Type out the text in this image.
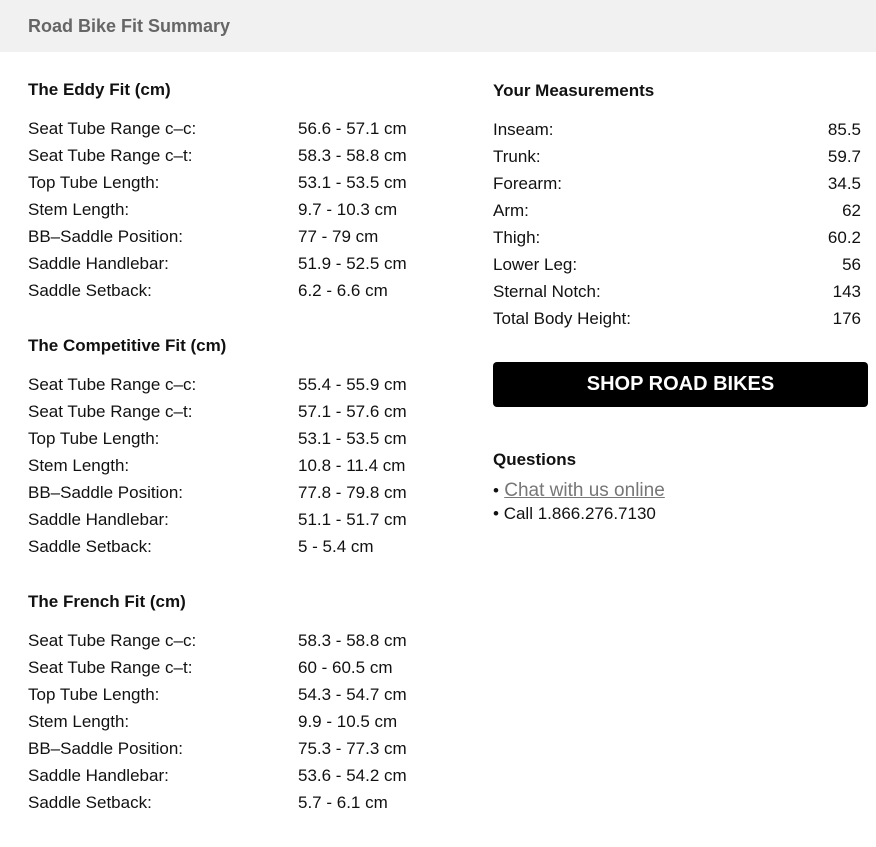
Road Bike Fit Summary
The Eddy Fit (cm)
Seat Tube Range c–c:	56.6 - 57.1 cm
Seat Tube Range c–t:	58.3 - 58.8 cm
Top Tube Length:	53.1 - 53.5 cm
Stem Length:	9.7 - 10.3 cm
BB–Saddle Position:	77 - 79 cm
Saddle Handlebar:	51.9 - 52.5 cm
Saddle Setback:	6.2 - 6.6 cm
The Competitive Fit (cm)
Seat Tube Range c–c:	55.4 - 55.9 cm
Seat Tube Range c–t:	57.1 - 57.6 cm
Top Tube Length:	53.1 - 53.5 cm
Stem Length:	10.8 - 11.4 cm
BB–Saddle Position:	77.8 - 79.8 cm
Saddle Handlebar:	51.1 - 51.7 cm
Saddle Setback:	5 - 5.4 cm
The French Fit (cm)
Seat Tube Range c–c:	58.3 - 58.8 cm
Seat Tube Range c–t:	60 - 60.5 cm
Top Tube Length:	54.3 - 54.7 cm
Stem Length:	9.9 - 10.5 cm
BB–Saddle Position:	75.3 - 77.3 cm
Saddle Handlebar:	53.6 - 54.2 cm
Saddle Setback:	5.7 - 6.1 cm
Your Measurements
Inseam:	85.5
Trunk:	59.7
Forearm:	34.5
Arm:	62
Thigh:	60.2
Lower Leg:	56
Sternal Notch:	143
Total Body Height:	176
SHOP ROAD BIKES
Questions
• Chat with us online
• Call 1.866.276.7130
